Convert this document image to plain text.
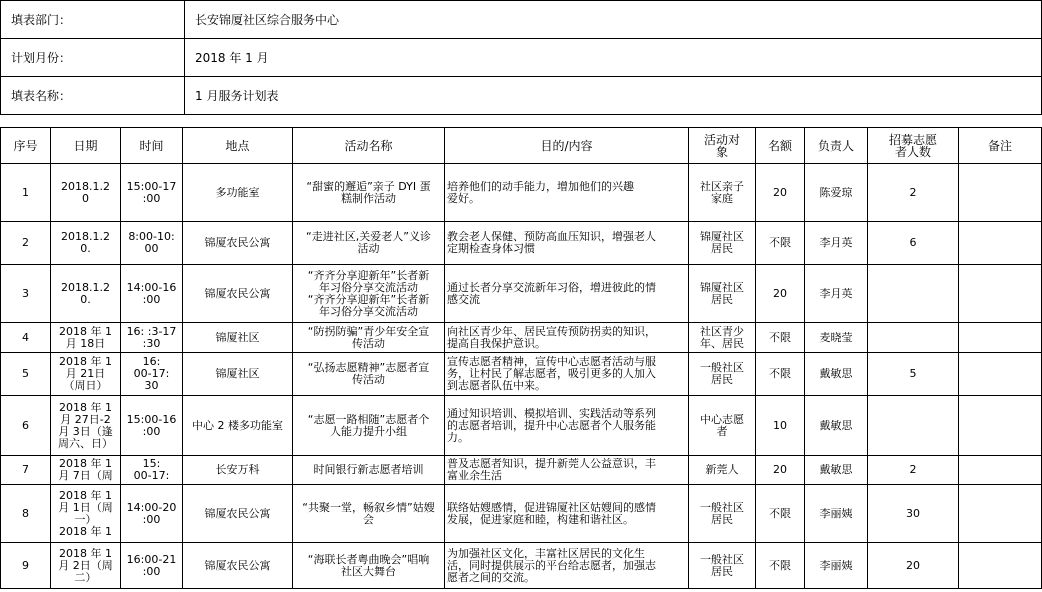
填表部门：	长安锦厦社区综合服务中心
计划月份：	2018 年 1 月
填表名称：	1 月服务计划表
序号	日期	时间	地点	活动名称	目的/内容	活动对
象	名额	负责人	招募志愿
者人数	备注

1	2018.1.2
0	15:00-17
:00	多功能室	“甜蜜的邂逅”亲子 DYI 蛋
糕制作活动	培养他们的动手能力，增加他们的兴趣
爱好。	社区亲子
家庭	20	陈爱琼	2	

2	2018.1.2
0.	8:00-10:
00	锦厦农民公寓	“走进社区,关爱老人”义诊
活动	教会老人保健、预防高血压知识，增强老人
定期检查身体习惯	锦厦社区
居民	不限	李月英	6	

3	2018.1.2
0.	14:00-16
:00	锦厦农民公寓	“齐齐分享迎新年”长者新
年习俗分享交流活动
“齐齐分享迎新年”长者新
年习俗分享交流活动	通过长者分享交流新年习俗，增进彼此的情
感交流	锦厦社区
居民	20	李月英		

4	2018 年 1
月 18日	16: :3-17
:30	锦厦社区	“防拐防骗”青少年安全宣
传活动	向社区青少年、居民宣传预防拐卖的知识，
提高自我保护意识。	社区青少
年、居民	不限	麦晓莹		

5	2018 年 1
月 21日
（周日）	16:
00-17:
30	锦厦社区	“弘扬志愿精神”志愿者宣
传活动	宣传志愿者精神，宣传中心志愿者活动与服
务，让村民了解志愿者，吸引更多的人加入
到志愿者队伍中来。	一般社区
居民	不限	戴敏思	5	

6	2018 年 1
月 27日-2
月 3日（逢
周六、日）	15:00-16
:00	中心 2 楼多功能室	“志愿一路相随”志愿者个
人能力提升小组	通过知识培训、模拟培训、实践活动等系列
的志愿者培训，提升中心志愿者个人服务能
力。	中心志愿
者	10	戴敏思		

7	2018 年 1
月 7日（周	15:
00-17:	长安万科	时间银行新志愿者培训	普及志愿者知识，提升新莞人公益意识，丰
富业余生活	新莞人	20	戴敏思	2	

8	2018 年 1
月 1日（周
一）
2018 年 1	14:00-20
:00	锦厦农民公寓	“共聚一堂，畅叙乡情”姑嫂
会	联络姑嫂感情，促进锦厦社区姑嫂间的感情
发展，促进家庭和睦，构建和谐社区。	一般社区
居民	不限	李丽姨	30	

9	2018 年 1
月 2日（周
二）	16:00-21
:00	锦厦农民公寓	“海联长者粤曲晚会”唱响
社区大舞台	为加强社区文化，丰富社区居民的文化生
活，同时提供展示的平台给志愿者，加强志
愿者之间的交流。	一般社区
居民	不限	李丽姨	20	
